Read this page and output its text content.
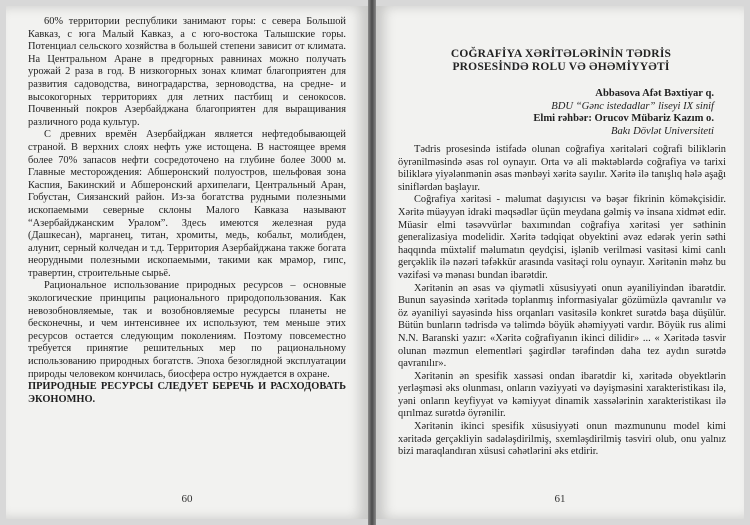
60% территории республики занимают горы: с севера Большой Кавказ, с юга Малый Кавказ, а с юго-востока Талышские горы. Потенциал сельского хозяйства в большей степени зависит от климата. На Центральном Аране в предгорных равнинах можно получать урожай 2 раза в год. В низкогорных зонах климат благоприятен для развития садоводства, виноградарства, зерноводства, на средне- и высокогорных территориях для летних пастбищ и сенокосов. Почвенный покров Азербайджана благоприятен для выращивания различного рода культур.

С древних времён Азербайджан является нефтедобывающей страной. В верхних слоях нефть уже истощена. В настоящее время более 70% запасов нефти сосредоточено на глубине более 3000 м. Главные месторождения: Абшеронский полуостров, шельфовая зона Каспия, Бакинский и Абшеронский архипелаги, Центральный Аран, Гобустан, Сиязанский район. Из-за богатства рудными полезными ископаемыми северные склоны Малого Кавказа называют “Азербайджанским Уралом”. Здесь имеются железная руда (Дашкесан), марганец, титан, хромиты, медь, кобальт, молибден, алунит, серный колчедан и т.д. Территория Азербайджана также богата неорудными полезными ископаемыми, такими как мрамор, гипс, травертин, строительные сырьё.

Рациональное использование природных ресурсов – основные экологические принципы рационального природопользования. Как невозобновляемые, так и возобновляемые ресурсы планеты не бесконечны, и чем интенсивнее их используют, тем меньше этих ресурсов остается следующим поколениям. Поэтому повсеместно требуется принятие решительных мер по рациональному использованию природных богатств. Эпоха безоглядной эксплуатации природы человеком кончилась, биосфера остро нуждается в охране.

ПРИРОДНЫЕ РЕСУРСЫ СЛЕДУЕТ БЕРЕЧЬ И РАСХОДОВАТЬ ЭКОНОМНО.

60
COĞRAFİYA XƏRİTƏLƏRİNİN TƏDRİS
PROSESİNDƏ ROLU VƏ ƏHƏMİYYƏTİ
Abbasova Afət Bəxtiyar q.
BDU “Gənc istedadlar” liseyi IX sinif
Elmi rəhbər: Orucov Mübariz Kazım o.
Bakı Dövlət Universiteti

Tədris prosesində istifadə olunan coğrafiya xəritələri coğrafi biliklərin öyrənilməsində əsas rol oynayır. Orta və ali məktəblərdə coğrafiya və tarixi biliklərə yiyələnmənin əsas mənbəyi xəritə sayılır. Xəritə ilə tanışlıq hələ aşağı siniflərdən başlayır.

Coğrafiya xəritəsi - məlumat daşıyıcısı və bəşər fikrinin köməkçisidir. Xəritə müəyyən idraki məqsədlər üçün meydana gəlmiş və insana xidmət edir. Müasir elmi təsəvvürlər baxımından coğrafiya xəritəsi yer səthinin generalizasiya modelidir. Xəritə tədqiqat obyektini əvəz edərək yerin səthi haqqında müxtəlif məlumatın qeydçisi, işlənib verilməsi vasitəsi kimi canlı gerçəklik ilə nəzəri təfəkkür arasında vasitəçi rolu oynayır. Xəritənin məhz bu vəzifəsi və mənası bundan ibarətdir.

Xəritənin ən əsas və qiymətli xüsusiyyəti onun əyaniliyindən ibarətdir. Bunun sayəsində xəritədə toplanmış informasiyalar gözümüzlə qavranılır və öz əyaniliyi sayəsində hiss orqanları vasitəsilə konkret surətdə başa düşülür. Bütün bunların tədrisdə və təlimdə böyük əhəmiyyəti vardır. Böyük rus alimi N.N. Baranski yazır: «Xəritə coğrafiyanın ikinci dilidir» ... « Xəritədə təsvir olunan məzmun elementləri şagirdlər tərəfindən daha tez aydın surətdə qavranılır».

Xəritənin ən spesifik xassəsi ondan ibarətdir ki, xəritədə obyektlərin yerləşməsi əks olunması, onların vəziyyəti və dəyişməsini xarakteristikası ilə, yəni onların keyfiyyət və kəmiyyət dinamik xassələrinin xarakteristikası ilə qırılmaz surətdə öyrənilir.

Xəritənin ikinci spesifik xüsusiyyəti onun məzmununu model kimi xəritədə gerçəkliyin sadələşdirilmiş, sxemləşdirilmiş təsviri olub, onu yalnız bizi maraqlandıran xüsusi cəhətlərini əks etdirir.

61
